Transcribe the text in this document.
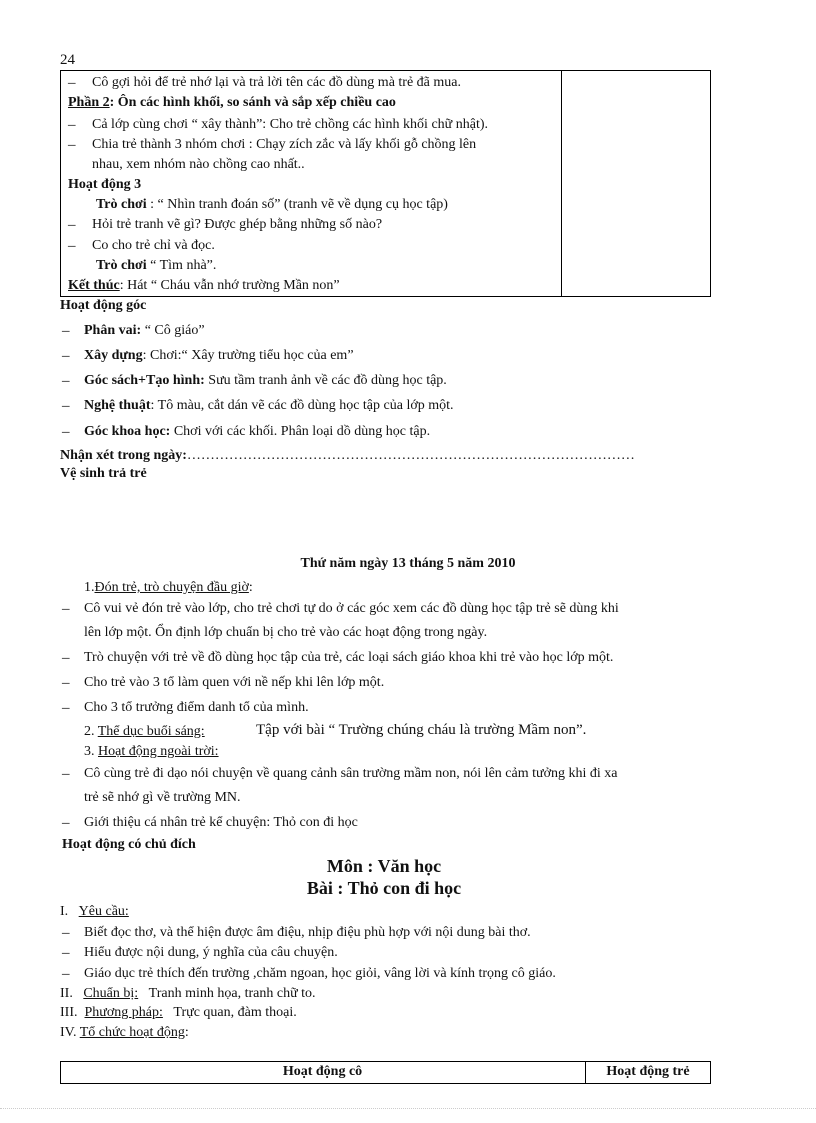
24
– Cô gợi hỏi để trẻ nhớ lại và trả lời tên các đồ dùng mà trẻ đã mua.
Phần 2: Ôn các hình khối, so sánh và sắp xếp chiều cao
– Cả lớp cùng chơi “ xây thành”: Cho trẻ chồng các hình khối chữ nhật).
– Chia trẻ thành 3 nhóm chơi : Chạy zích zắc và lấy khối gỗ chồng lên
nhau, xem nhóm nào chồng cao nhất..
Hoạt động 3
Trò chơi : “ Nhìn tranh đoán số” (tranh vẽ về dụng cụ học tập)
– Hỏi trẻ tranh vẽ gì? Được ghép bằng những số nào?
– Co cho trẻ chỉ và đọc.
Trò chơi “ Tìm nhà”.
Kết thúc: Hát “ Cháu vẫn nhớ trường Mần non”
Hoạt động góc
– Phân vai: “ Cô giáo”
– Xây dựng: Chơi:“ Xây trường tiểu học của em”
– Góc sách+Tạo hình: Sưu tầm tranh ảnh về các đồ dùng học tập.
– Nghệ thuật: Tô màu, cắt dán vẽ các đồ dùng học tập của lớp một.
– Góc khoa học: Chơi với các khối. Phân loại dồ dùng học tập.
Nhận xét trong ngày:……………………………………………………………………………………
Vệ sinh trả trẻ
Thứ năm ngày 13 tháng 5 năm 2010
1.Đón trẻ, trò chuyện đầu giờ:
– Cô vui vẻ đón trẻ vào lớp, cho trẻ chơi tự do ở các góc xem các đồ dùng học tập trẻ sẽ dùng khi
lên lớp một. Ổn định lớp chuẩn bị cho trẻ vào các hoạt động trong ngày.
– Trò chuyện với trẻ về đồ dùng học tập của trẻ, các loại sách giáo khoa khi trẻ vào học lớp một.
– Cho trẻ vào 3 tổ làm quen với nề nếp khi lên lớp một.
– Cho 3 tổ trưởng điểm danh tổ của mình.
2. Thể dục buổi sáng:	Tập với bài “ Trường chúng cháu là trường Mầm non”.
3. Hoạt động ngoài trời:
– Cô cùng trẻ đi dạo nói chuyện về quang cảnh sân trường mầm non, nói lên cảm tưởng khi đi xa
trẻ sẽ nhớ gì về trường MN.
– Giới thiệu cá nhân trẻ kể chuyện: Thỏ con đi học
Hoạt động có chủ đích
Môn : Văn học
Bài : Thỏ con đi học
I. Yêu cầu:
– Biết đọc thơ, và thể hiện được âm điệu, nhịp điệu phù hợp với nội dung bài thơ.
– Hiểu được nội dung, ý nghĩa của câu chuyện.
– Giáo dục trẻ thích đến trường ,chăm ngoan, học giỏi, vâng lời và kính trọng cô giáo.
II. Chuẩn bị: Tranh minh họa, tranh chữ to.
III. Phương pháp: Trực quan, đàm thoại.
IV. Tổ chức hoạt động:
Hoạt động cô	Hoạt động trẻ
